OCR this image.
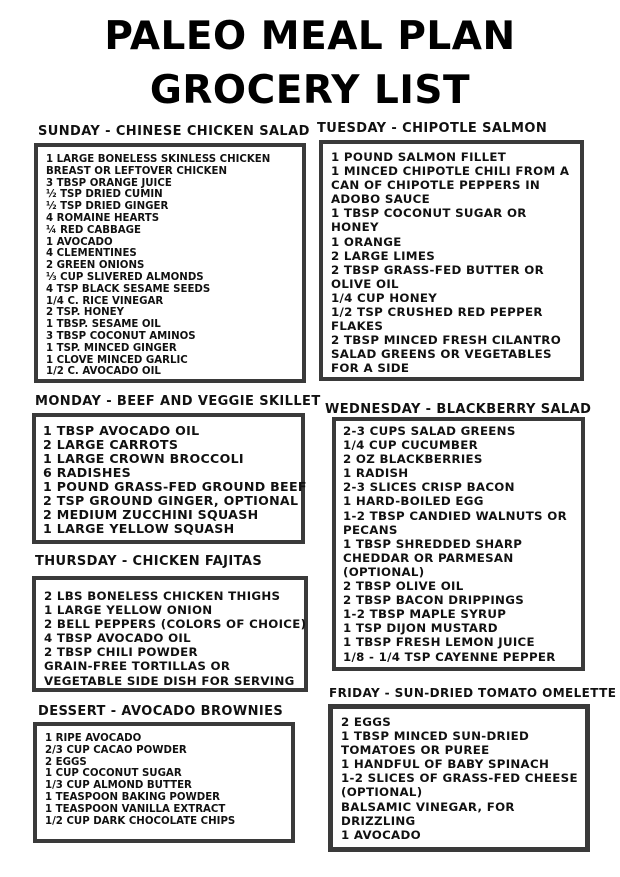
PALEO MEAL PLAN
GROCERY LIST
SUNDAY - CHINESE CHICKEN SALAD
1 LARGE BONELESS SKINLESS CHICKEN
BREAST OR LEFTOVER CHICKEN
3 TBSP ORANGE JUICE
½ TSP DRIED CUMIN
½ TSP DRIED GINGER
4 ROMAINE HEARTS
¼ RED CABBAGE
1 AVOCADO
4 CLEMENTINES
2 GREEN ONIONS
⅓ CUP SLIVERED ALMONDS
4 TSP BLACK SESAME SEEDS
1/4 C. RICE VINEGAR
2 TSP. HONEY
1 TBSP. SESAME OIL
3 TBSP COCONUT AMINOS
1 TSP. MINCED GINGER
1 CLOVE MINCED GARLIC
1/2 C. AVOCADO OIL
TUESDAY - CHIPOTLE SALMON
1 POUND SALMON FILLET
1 MINCED CHIPOTLE CHILI FROM A
CAN OF CHIPOTLE PEPPERS IN
ADOBO SAUCE
1 TBSP COCONUT SUGAR OR
HONEY
1 ORANGE
2 LARGE LIMES
2 TBSP GRASS-FED BUTTER OR
OLIVE OIL
1/4 CUP HONEY
1/2 TSP CRUSHED RED PEPPER
FLAKES
2 TBSP MINCED FRESH CILANTRO
SALAD GREENS OR VEGETABLES
FOR A SIDE
MONDAY - BEEF AND VEGGIE SKILLET
1 TBSP AVOCADO OIL
2 LARGE CARROTS
1 LARGE CROWN BROCCOLI
6 RADISHES
1 POUND GRASS-FED GROUND BEEF
2 TSP GROUND GINGER, OPTIONAL
2 MEDIUM ZUCCHINI SQUASH
1 LARGE YELLOW SQUASH
WEDNESDAY - BLACKBERRY SALAD
2-3 CUPS SALAD GREENS
1/4 CUP CUCUMBER
2 OZ BLACKBERRIES
1 RADISH
2-3 SLICES CRISP BACON
1 HARD-BOILED EGG
1-2 TBSP CANDIED WALNUTS OR
PECANS
1 TBSP SHREDDED SHARP
CHEDDAR OR PARMESAN
(OPTIONAL)
2 TBSP OLIVE OIL
2 TBSP BACON DRIPPINGS
1-2 TBSP MAPLE SYRUP
1 TSP DIJON MUSTARD
1 TBSP FRESH LEMON JUICE
1/8 - 1/4 TSP CAYENNE PEPPER
THURSDAY - CHICKEN FAJITAS
2 LBS BONELESS CHICKEN THIGHS
1 LARGE YELLOW ONION
2 BELL PEPPERS (COLORS OF CHOICE)
4 TBSP AVOCADO OIL
2 TBSP CHILI POWDER
GRAIN-FREE TORTILLAS OR
VEGETABLE SIDE DISH FOR SERVING
FRIDAY - SUN-DRIED TOMATO OMELETTE
2 EGGS
1 TBSP MINCED SUN-DRIED
TOMATOES OR PUREE
1 HANDFUL OF BABY SPINACH
1-2 SLICES OF GRASS-FED CHEESE
(OPTIONAL)
BALSAMIC VINEGAR, FOR
DRIZZLING
1 AVOCADO
DESSERT - AVOCADO BROWNIES
1 RIPE AVOCADO
2/3 CUP CACAO POWDER
2 EGGS
1 CUP COCONUT SUGAR
1/3 CUP ALMOND BUTTER
1 TEASPOON BAKING POWDER
1 TEASPOON VANILLA EXTRACT
1/2 CUP DARK CHOCOLATE CHIPS
